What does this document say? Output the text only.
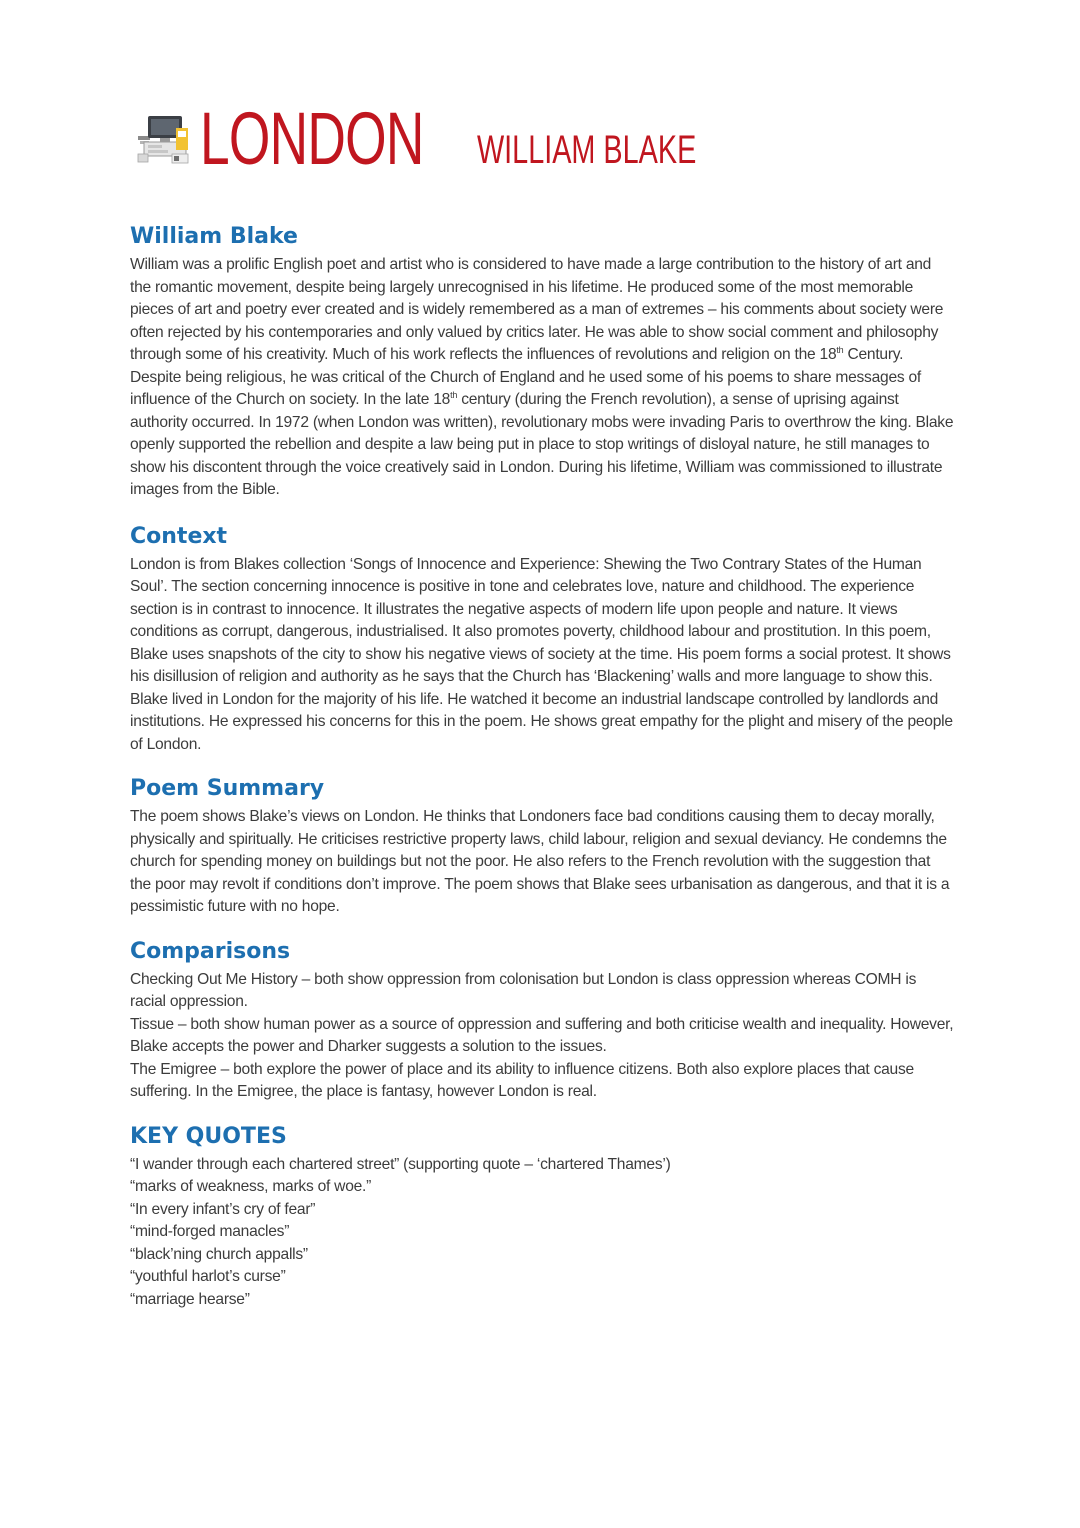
LONDON WILLIAM BLAKE
William Blake

William was a prolific English poet and artist who is considered to have made a large contribution to the history of art and the romantic movement, despite being largely unrecognised in his lifetime. He produced some of the most memorable pieces of art and poetry ever created and is widely remembered as a man of extremes – his comments about society were often rejected by his contemporaries and only valued by critics later. He was able to show social comment and philosophy through some of his creativity. Much of his work reflects the influences of revolutions and religion on the 18th Century. Despite being religious, he was critical of the Church of England and he used some of his poems to share messages of influence of the Church on society. In the late 18th century (during the French revolution), a sense of uprising against authority occurred. In 1972 (when London was written), revolutionary mobs were invading Paris to overthrow the king. Blake openly supported the rebellion and despite a law being put in place to stop writings of disloyal nature, he still manages to show his discontent through the voice creatively said in London. During his lifetime, William was commissioned to illustrate images from the Bible.

Context

London is from Blakes collection ‘Songs of Innocence and Experience: Shewing the Two Contrary States of the Human Soul’. The section concerning innocence is positive in tone and celebrates love, nature and childhood. The experience section is in contrast to innocence. It illustrates the negative aspects of modern life upon people and nature. It views conditions as corrupt, dangerous, industrialised. It also promotes poverty, childhood labour and prostitution. In this poem, Blake uses snapshots of the city to show his negative views of society at the time. His poem forms a social protest. It shows his disillusion of religion and authority as he says that the Church has ‘Blackening’ walls and more language to show this. Blake lived in London for the majority of his life. He watched it become an industrial landscape controlled by landlords and institutions. He expressed his concerns for this in the poem. He shows great empathy for the plight and misery of the people of London.

Poem Summary

The poem shows Blake’s views on London. He thinks that Londoners face bad conditions causing them to decay morally, physically and spiritually. He criticises restrictive property laws, child labour, religion and sexual deviancy. He condemns the church for spending money on buildings but not the poor. He also refers to the French revolution with the suggestion that the poor may revolt if conditions don’t improve. The poem shows that Blake sees urbanisation as dangerous, and that it is a pessimistic future with no hope.

Comparisons

Checking Out Me History – both show oppression from colonisation but London is class oppression whereas COMH is racial oppression.

Tissue – both show human power as a source of oppression and suffering and both criticise wealth and inequality. However, Blake accepts the power and Dharker suggests a solution to the issues.

The Emigree – both explore the power of place and its ability to influence citizens. Both also explore places that cause suffering. In the Emigree, the place is fantasy, however London is real.

KEY QUOTES

“I wander through each chartered street” (supporting quote – ‘chartered Thames’)

“marks of weakness, marks of woe.”

“In every infant’s cry of fear”

“mind-forged manacles”

“black’ning church appalls”

“youthful harlot’s curse”

“marriage hearse”
